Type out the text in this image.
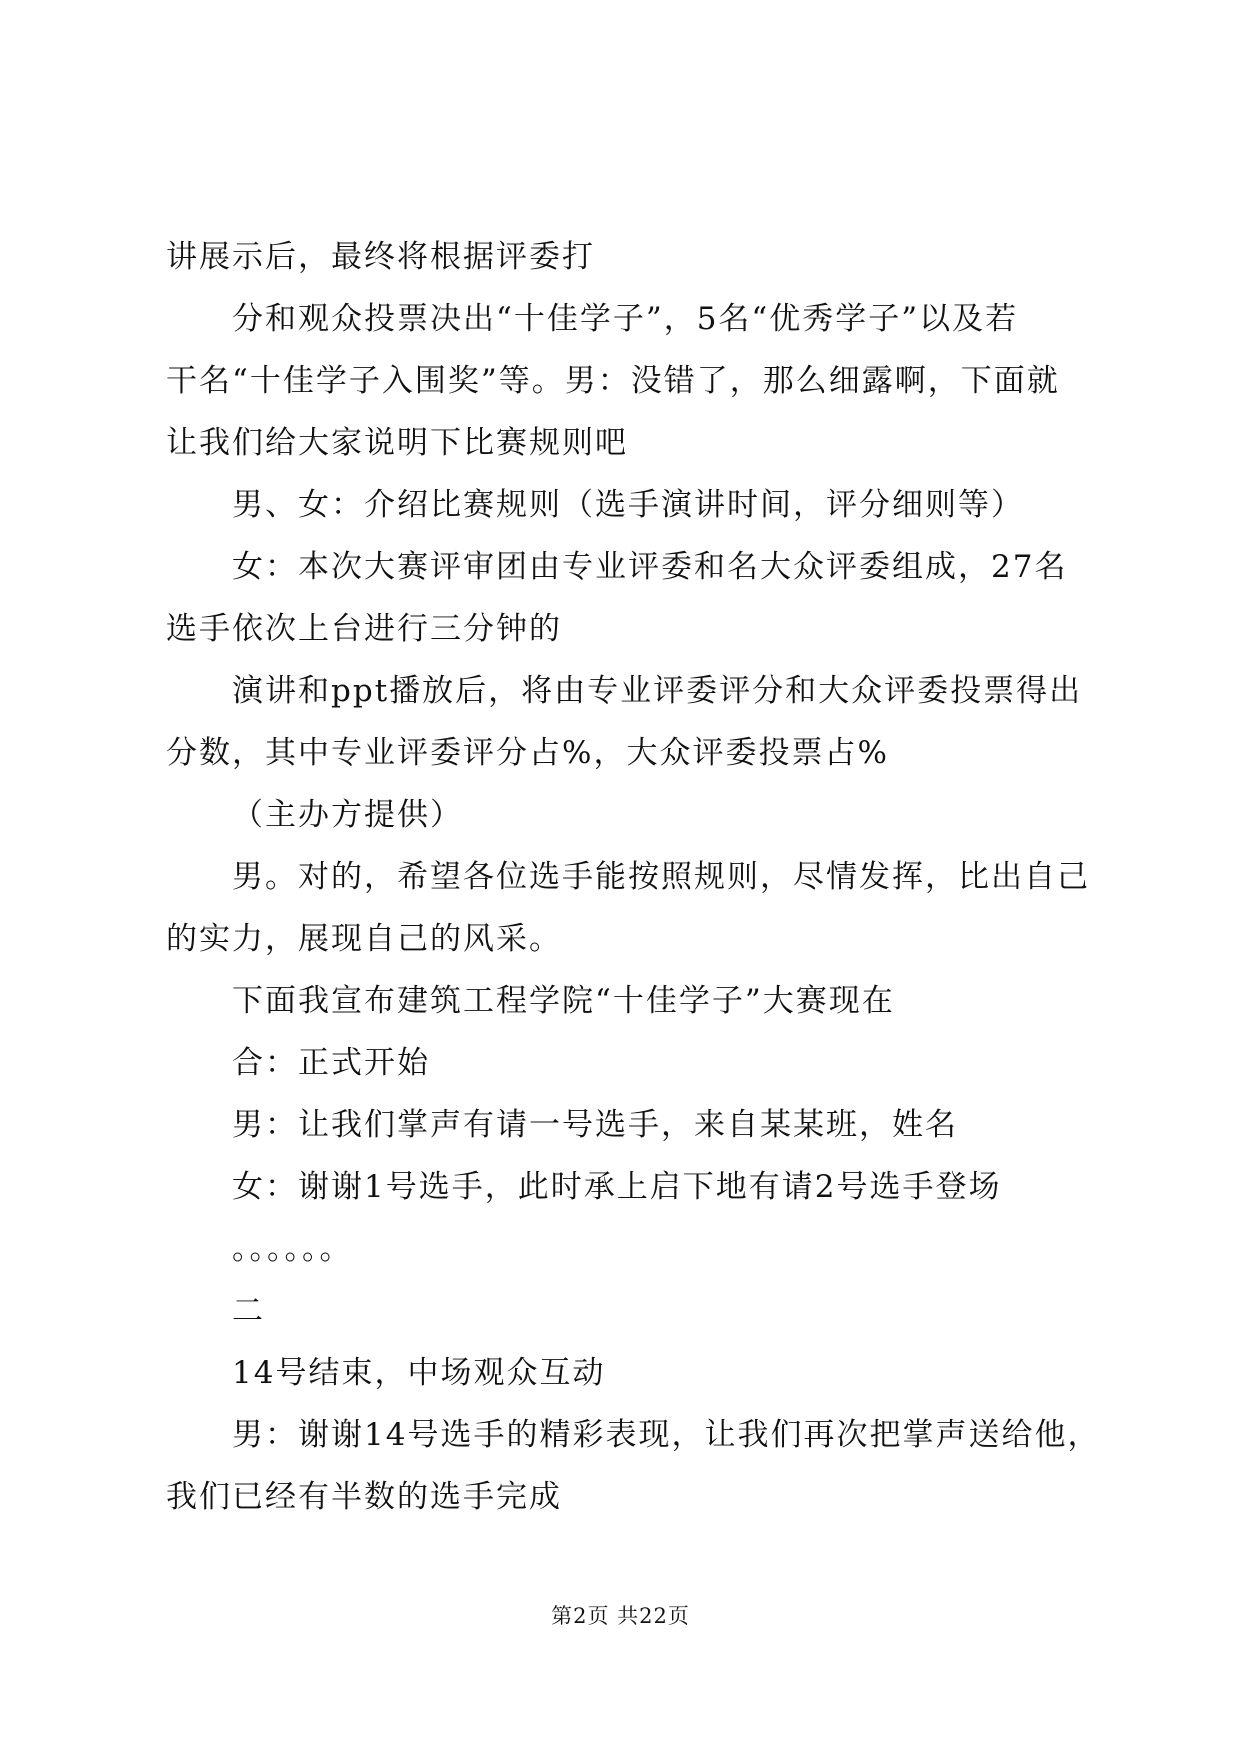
讲展示后，最终将根据评委打

分和观众投票决出“十佳学子”，5名“优秀学子”以及若

干名“十佳学子入围奖”等。男：没错了，那么细露啊，下面就

让我们给大家说明下比赛规则吧

男、女：介绍比赛规则（选手演讲时间，评分细则等）

女：本次大赛评审团由专业评委和名大众评委组成，27名

选手依次上台进行三分钟的

演讲和ppt播放后，将由专业评委评分和大众评委投票得出

分数，其中专业评委评分占%，大众评委投票占%

（主办方提供）

男。对的，希望各位选手能按照规则，尽情发挥，比出自己

的实力，展现自己的风采。

下面我宣布建筑工程学院“十佳学子”大赛现在

合：正式开始

男：让我们掌声有请一号选手，来自某某班，姓名

女：谢谢1号选手，此时承上启下地有请2号选手登场

。。。。。。

二

14号结束，中场观众互动

男：谢谢14号选手的精彩表现，让我们再次把掌声送给他，

我们已经有半数的选手完成

第2页 共22页
